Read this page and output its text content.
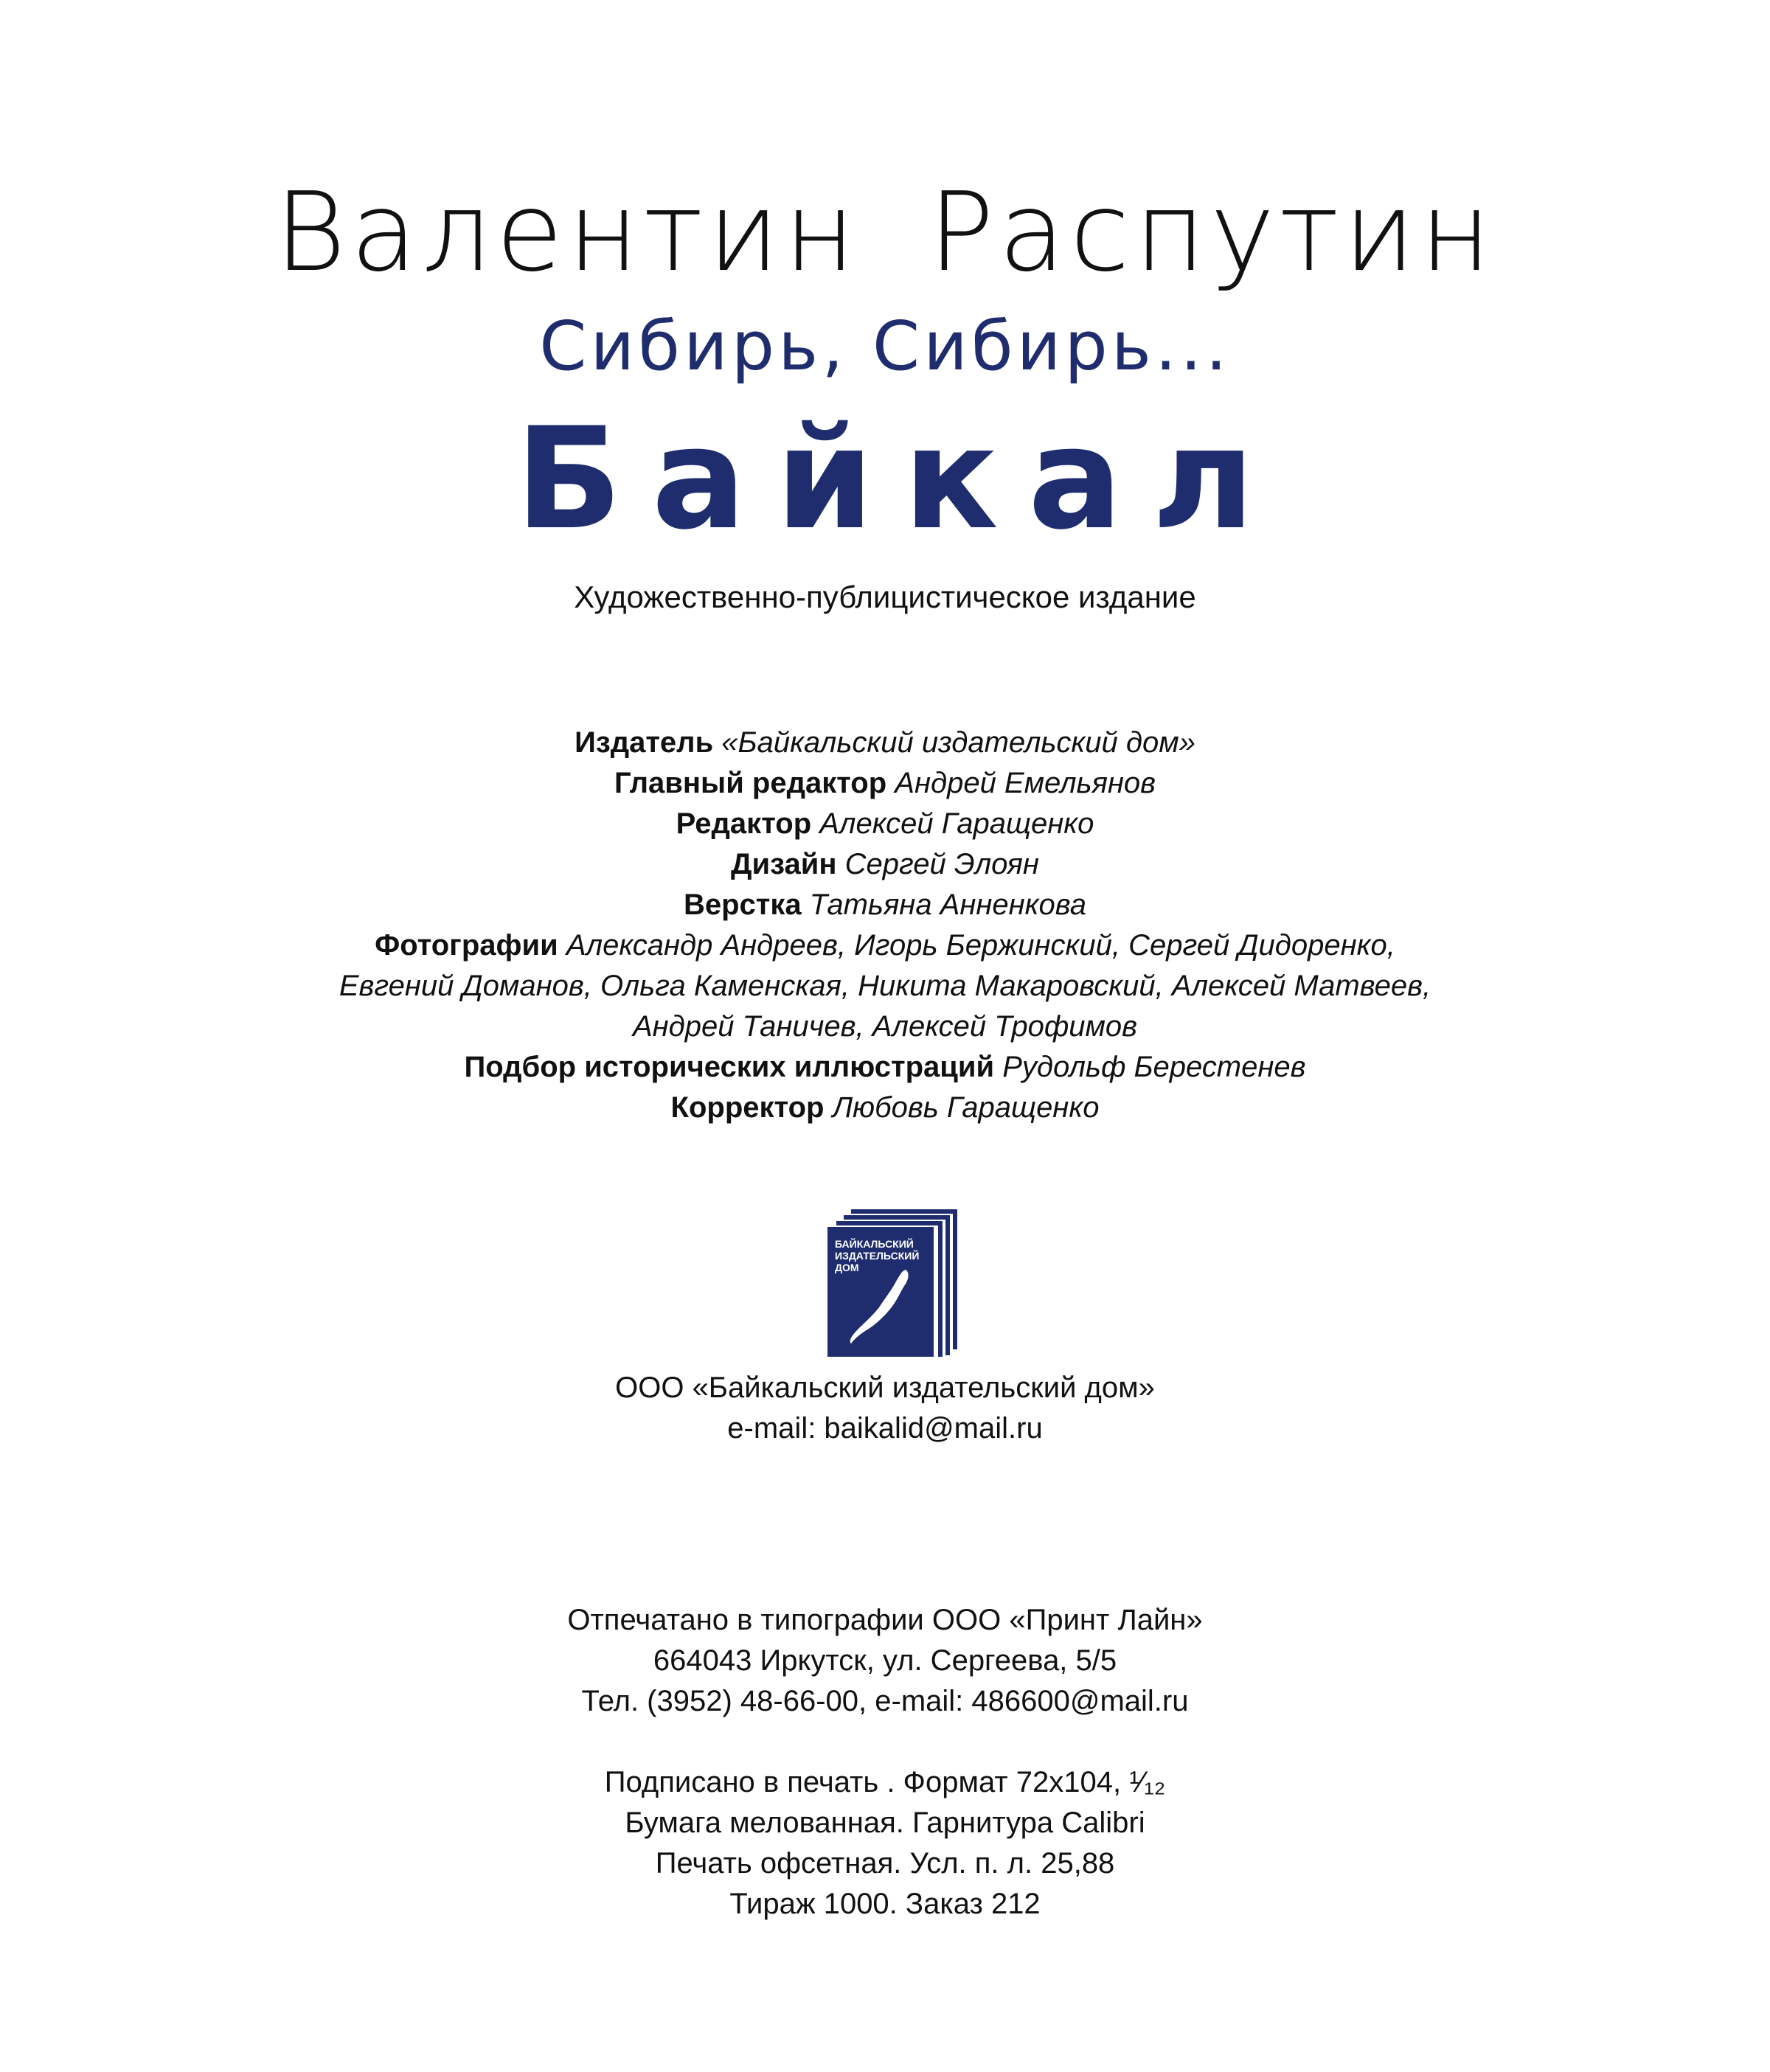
Валентин Распутин
Сибирь, Сибирь...
Байкал
Художественно-публицистическое издание
Издатель «Байкальский издательский дом»
Главный редактор Андрей Емельянов
Редактор Алексей Гаращенко
Дизайн Сергей Элоян
Верстка Татьяна Анненкова
Фотографии Александр Андреев, Игорь Бержинский, Сергей Дидоренко,
Евгений Доманов, Ольга Каменская, Никита Макаровский, Алексей Матвеев,
Андрей Таничев, Алексей Трофимов
Подбор исторических иллюстраций Рудольф Берестенев
Корректор Любовь Гаращенко
БАЙКАЛЬСКИЙ
ИЗДАТЕЛЬСКИЙ
ДОМ
ООО «Байкальский издательский дом»
e-mail: baikalid@mail.ru
Отпечатано в типографии ООО «Принт Лайн»
664043 Иркутск, ул. Сергеева, 5/5
Тел. (3952) 48-66-00, e-mail: 486600@mail.ru
Подписано в печать . Формат 72х104, ¹⁄₁₂
Бумага мелованная. Гарнитура Calibri
Печать офсетная. Усл. п. л. 25,88
Тираж 1000. Заказ 212
